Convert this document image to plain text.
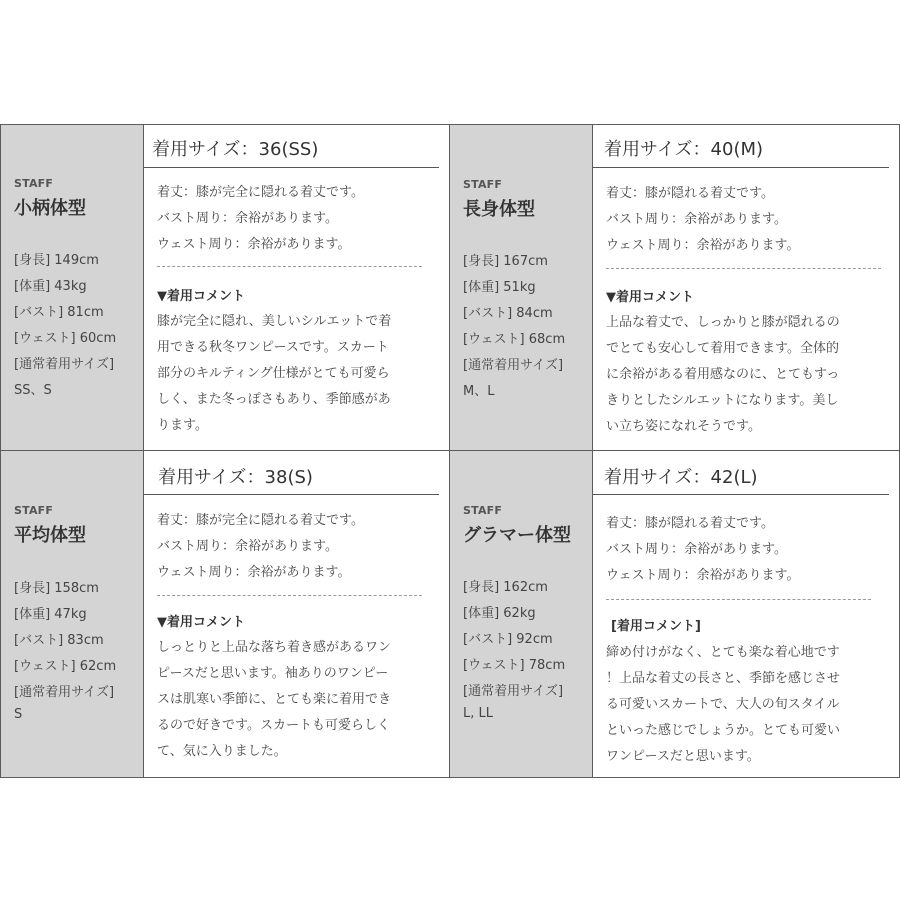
STAFF
小柄体型
[身長] 149cm
[体重] 43kg
[バスト] 81cm
[ウェスト] 60cm
[通常着用サイズ]
SS、S
着用サイズ：36(SS)
着丈：膝が完全に隠れる着丈です。
バスト周り：余裕があります。
ウェスト周り：余裕があります。
▼着用コメント
膝が完全に隠れ、美しいシルエットで着
用できる秋冬ワンピースです。スカート
部分のキルティング仕様がとても可愛ら
しく、また冬っぽさもあり、季節感があ
ります。
STAFF
長身体型
[身長] 167cm
[体重] 51kg
[バスト] 84cm
[ウェスト] 68cm
[通常着用サイズ]
M、L
着用サイズ：40(M)
着丈：膝が隠れる着丈です。
バスト周り：余裕があります。
ウェスト周り：余裕があります。
▼着用コメント
上品な着丈で、しっかりと膝が隠れるの
でとても安心して着用できます。全体的
に余裕がある着用感なのに、とてもすっ
きりとしたシルエットになります。美し
い立ち姿になれそうです。
STAFF
平均体型
[身長] 158cm
[体重] 47kg
[バスト] 83cm
[ウェスト] 62cm
[通常着用サイズ]
S
着用サイズ：38(S)
着丈：膝が完全に隠れる着丈です。
バスト周り：余裕があります。
ウェスト周り：余裕があります。
▼着用コメント
しっとりと上品な落ち着き感があるワン
ピースだと思います。袖ありのワンピー
スは肌寒い季節に、とても楽に着用でき
るので好きです。スカートも可愛らしく
て、気に入りました。
STAFF
グラマー体型
[身長] 162cm
[体重] 62kg
[バスト] 92cm
[ウェスト] 78cm
[通常着用サイズ]
L, LL
着用サイズ：42(L)
着丈：膝が隠れる着丈です。
バスト周り：余裕があります。
ウェスト周り：余裕があります。
[着用コメント]
締め付けがなく、とても楽な着心地です
！上品な着丈の長さと、季節を感じさせ
る可愛いスカートで、大人の旬スタイル
といった感じでしょうか。とても可愛い
ワンピースだと思います。
